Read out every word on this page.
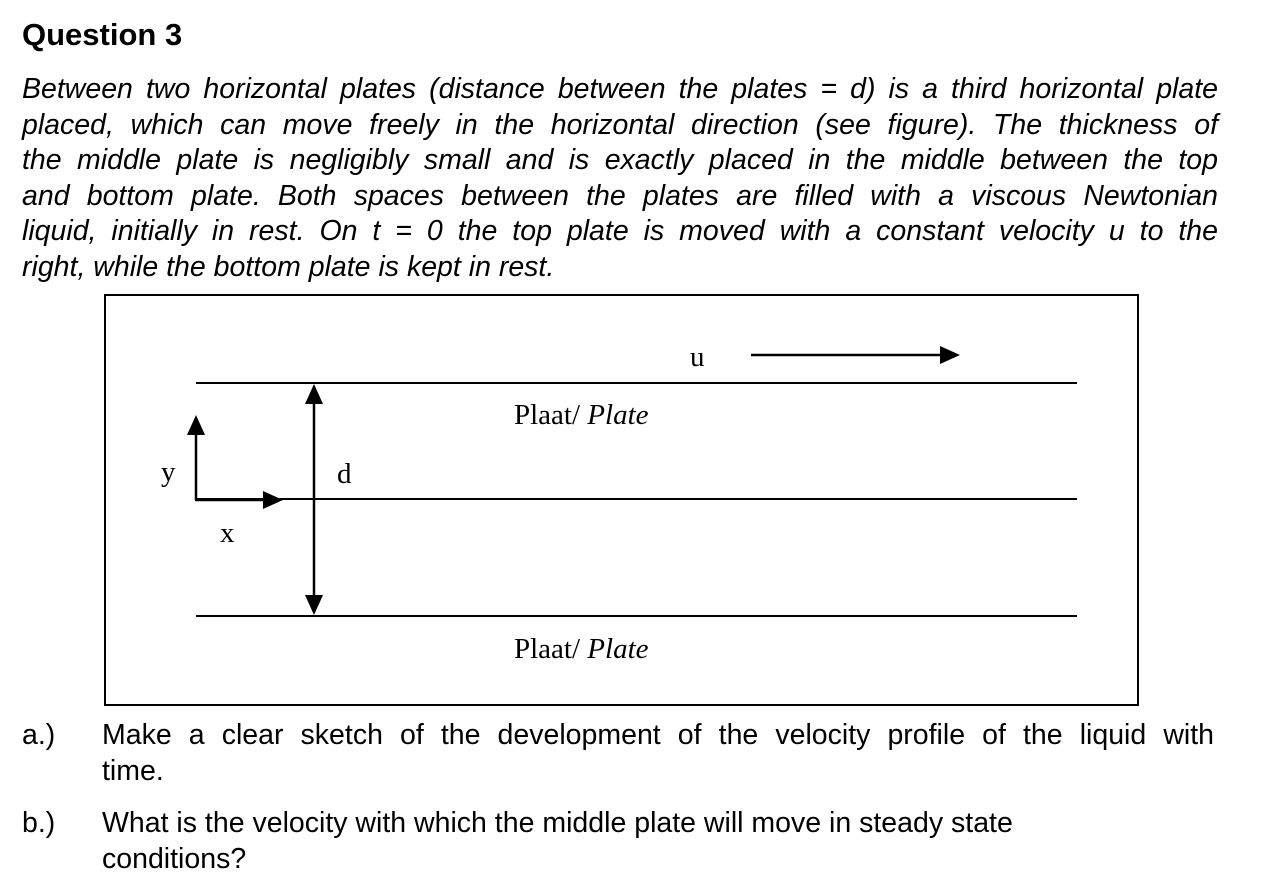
Question 3

Between two horizontal plates (distance between the plates = d) is a third horizontal plate
placed, which can move freely in the horizontal direction (see figure). The thickness of
the middle plate is negligibly small and is exactly placed in the middle between the top
and bottom plate. Both spaces between the plates are filled with a viscous Newtonian
liquid, initially in rest. On t = 0 the top plate is moved with a constant velocity u to the
right, while the bottom plate is kept in rest.

u
Plaat/ Plate
Plaat/ Plate
d
y
x
a.) Make a clear sketch of the development of the velocity profile of the liquid with
time.
b.) What is the velocity with which the middle plate will move in steady state
conditions?
